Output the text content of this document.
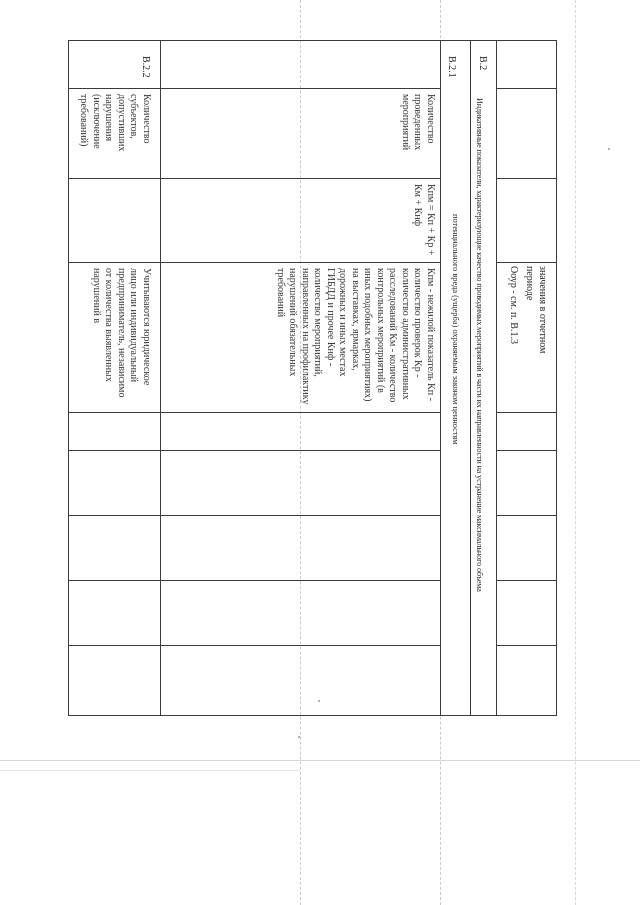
значения в отчетном
периоде
Ооур - см. п. В.1.3
В.2
Индикативные показатели, характеризующие качество проводимых мероприятий в части их направленности на устранение максимального объема
потенциального вреда (ущерба) охраняемым законом ценностям
В.2.1
Количество проведенных мероприятий
Кпм = Кп + Кр + Км + Кнф
Кпм - нежилой показатель Кп - количество проверок Кр - количество административных расследований Км - количество контрольных мероприятий (в иных подобных мероприятиях) на выставках, ярмарках, дорожных и иных местах ГИБДД и прочее Кнф - количество мероприятий, направленных на профилактику нарушений обязательных требований
В.2.2
Количество субъектов, допустивших нарушения (исключение требований)
Учитываются юридическое лицо или индивидуальный предприниматель, независимо от количества выявленных нарушений в
